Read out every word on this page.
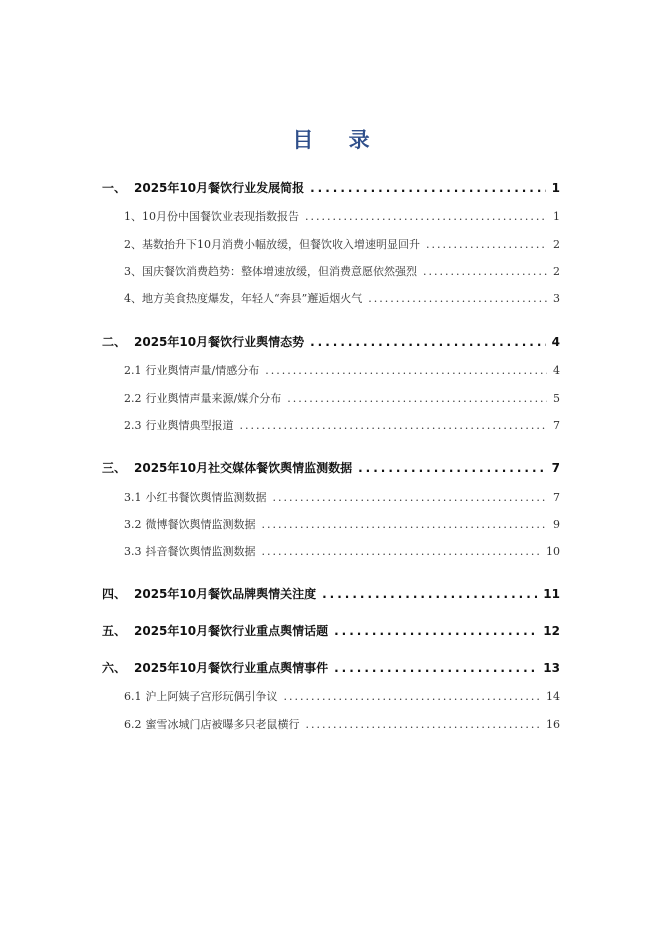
目 录
一、 2025年10月餐饮行业发展简报 .....	1
1、10月份中国餐饮业表现指数报告 .....	1
2、基数抬升下10月消费小幅放缓，但餐饮收入增速明显回升 .....	2
3、国庆餐饮消费趋势：整体增速放缓，但消费意愿依然强烈 .....	2
4、地方美食热度爆发，年轻人“奔县”邂逅烟火气 .....	3
二、 2025年10月餐饮行业舆情态势 .....	4
2.1 行业舆情声量/情感分布 .....	4
2.2 行业舆情声量来源/媒介分布 .....	5
2.3 行业舆情典型报道 .....	7
三、 2025年10月社交媒体餐饮舆情监测数据 .....	7
3.1 小红书餐饮舆情监测数据 .....	7
3.2 微博餐饮舆情监测数据 .....	9
3.3 抖音餐饮舆情监测数据 .....	10
四、 2025年10月餐饮品牌舆情关注度 .....	11
五、 2025年10月餐饮行业重点舆情话题 .....	12
六、 2025年10月餐饮行业重点舆情事件 .....	13
6.1 沪上阿姨子宫形玩偶引争议 .....	14
6.2 蜜雪冰城门店被曝多只老鼠横行 .....	16
